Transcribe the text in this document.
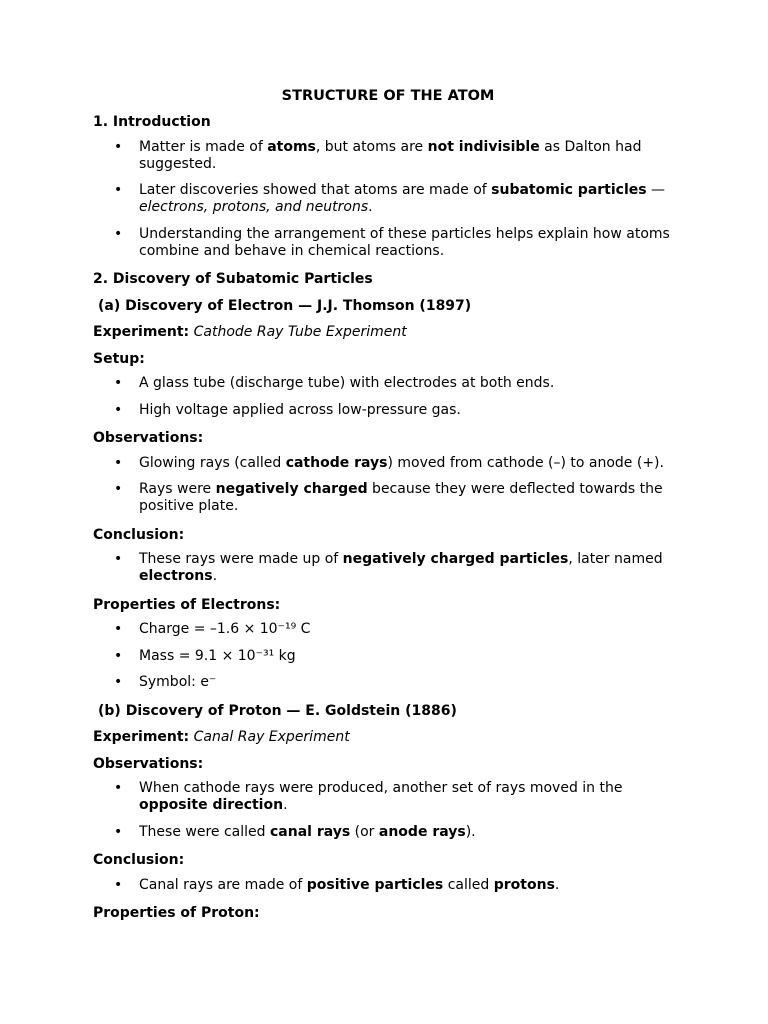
STRUCTURE OF THE ATOM
1. Introduction
• Matter is made of atoms, but atoms are not indivisible as Dalton had suggested.
• Later discoveries showed that atoms are made of subatomic particles — electrons, protons, and neutrons.
• Understanding the arrangement of these particles helps explain how atoms combine and behave in chemical reactions.
2. Discovery of Subatomic Particles
(a) Discovery of Electron — J.J. Thomson (1897)
Experiment: Cathode Ray Tube Experiment
Setup:
• A glass tube (discharge tube) with electrodes at both ends.
• High voltage applied across low-pressure gas.
Observations:
• Glowing rays (called cathode rays) moved from cathode (–) to anode (+).
• Rays were negatively charged because they were deflected towards the positive plate.
Conclusion:
• These rays were made up of negatively charged particles, later named electrons.
Properties of Electrons:
• Charge = –1.6 × 10⁻¹⁹ C
• Mass = 9.1 × 10⁻³¹ kg
• Symbol: e⁻
(b) Discovery of Proton — E. Goldstein (1886)
Experiment: Canal Ray Experiment
Observations:
• When cathode rays were produced, another set of rays moved in the opposite direction.
• These were called canal rays (or anode rays).
Conclusion:
• Canal rays are made of positive particles called protons.
Properties of Proton:
